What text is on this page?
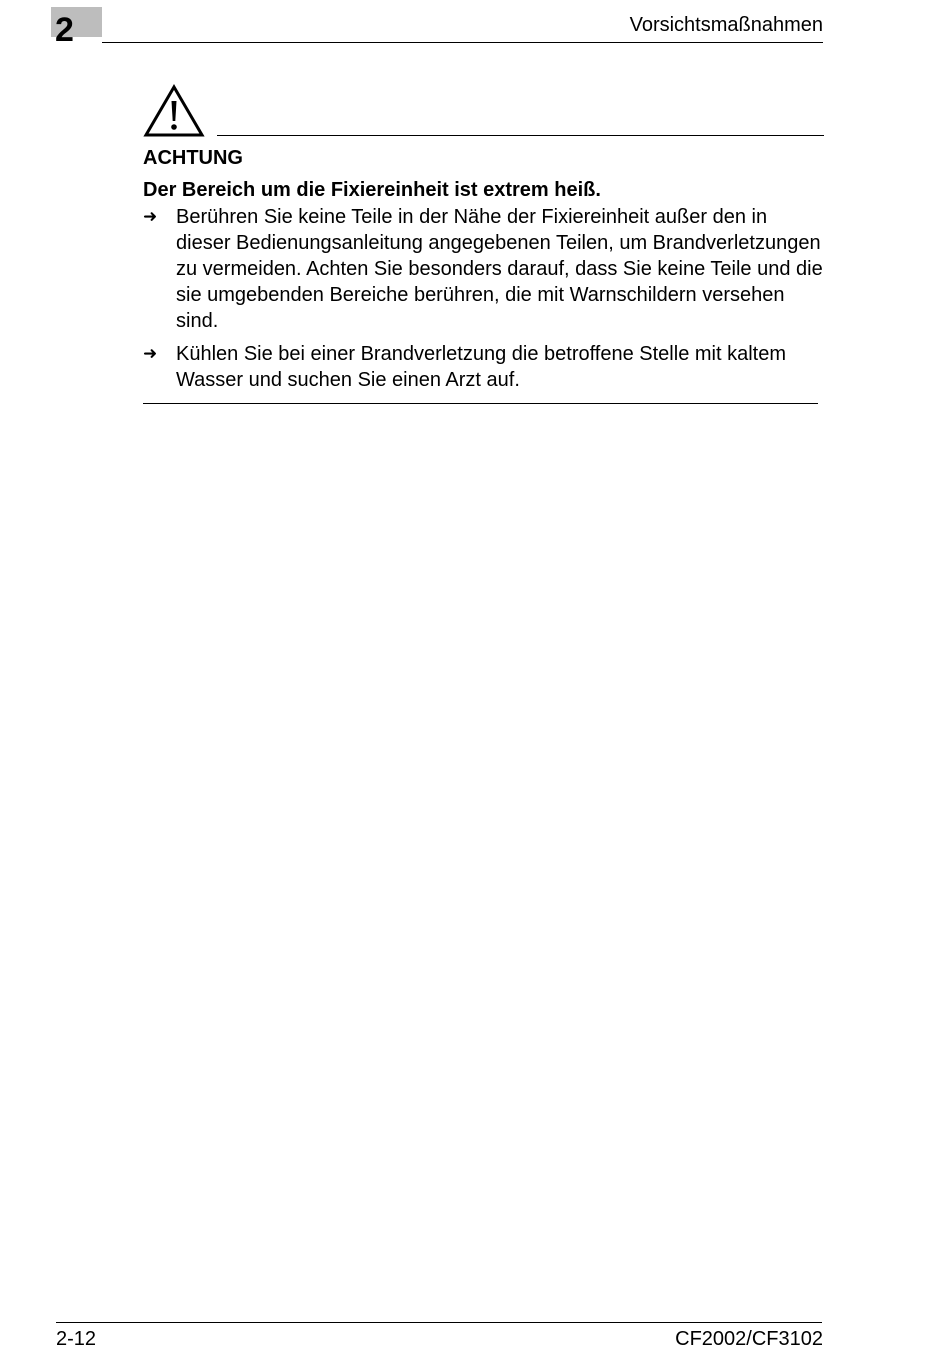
2	Vorsichtsmaßnahmen
ACHTUNG
Der Bereich um die Fixiereinheit ist extrem heiß.
➜ Berühren Sie keine Teile in der Nähe der Fixiereinheit außer den in dieser Bedienungsanleitung angegebenen Teilen, um Brandverletzungen zu vermeiden. Achten Sie besonders darauf, dass Sie keine Teile und die sie umgebenden Bereiche berühren, die mit Warnschildern versehen sind.
➜ Kühlen Sie bei einer Brandverletzung die betroffene Stelle mit kaltem Wasser und suchen Sie einen Arzt auf.
2-12	CF2002/CF3102
